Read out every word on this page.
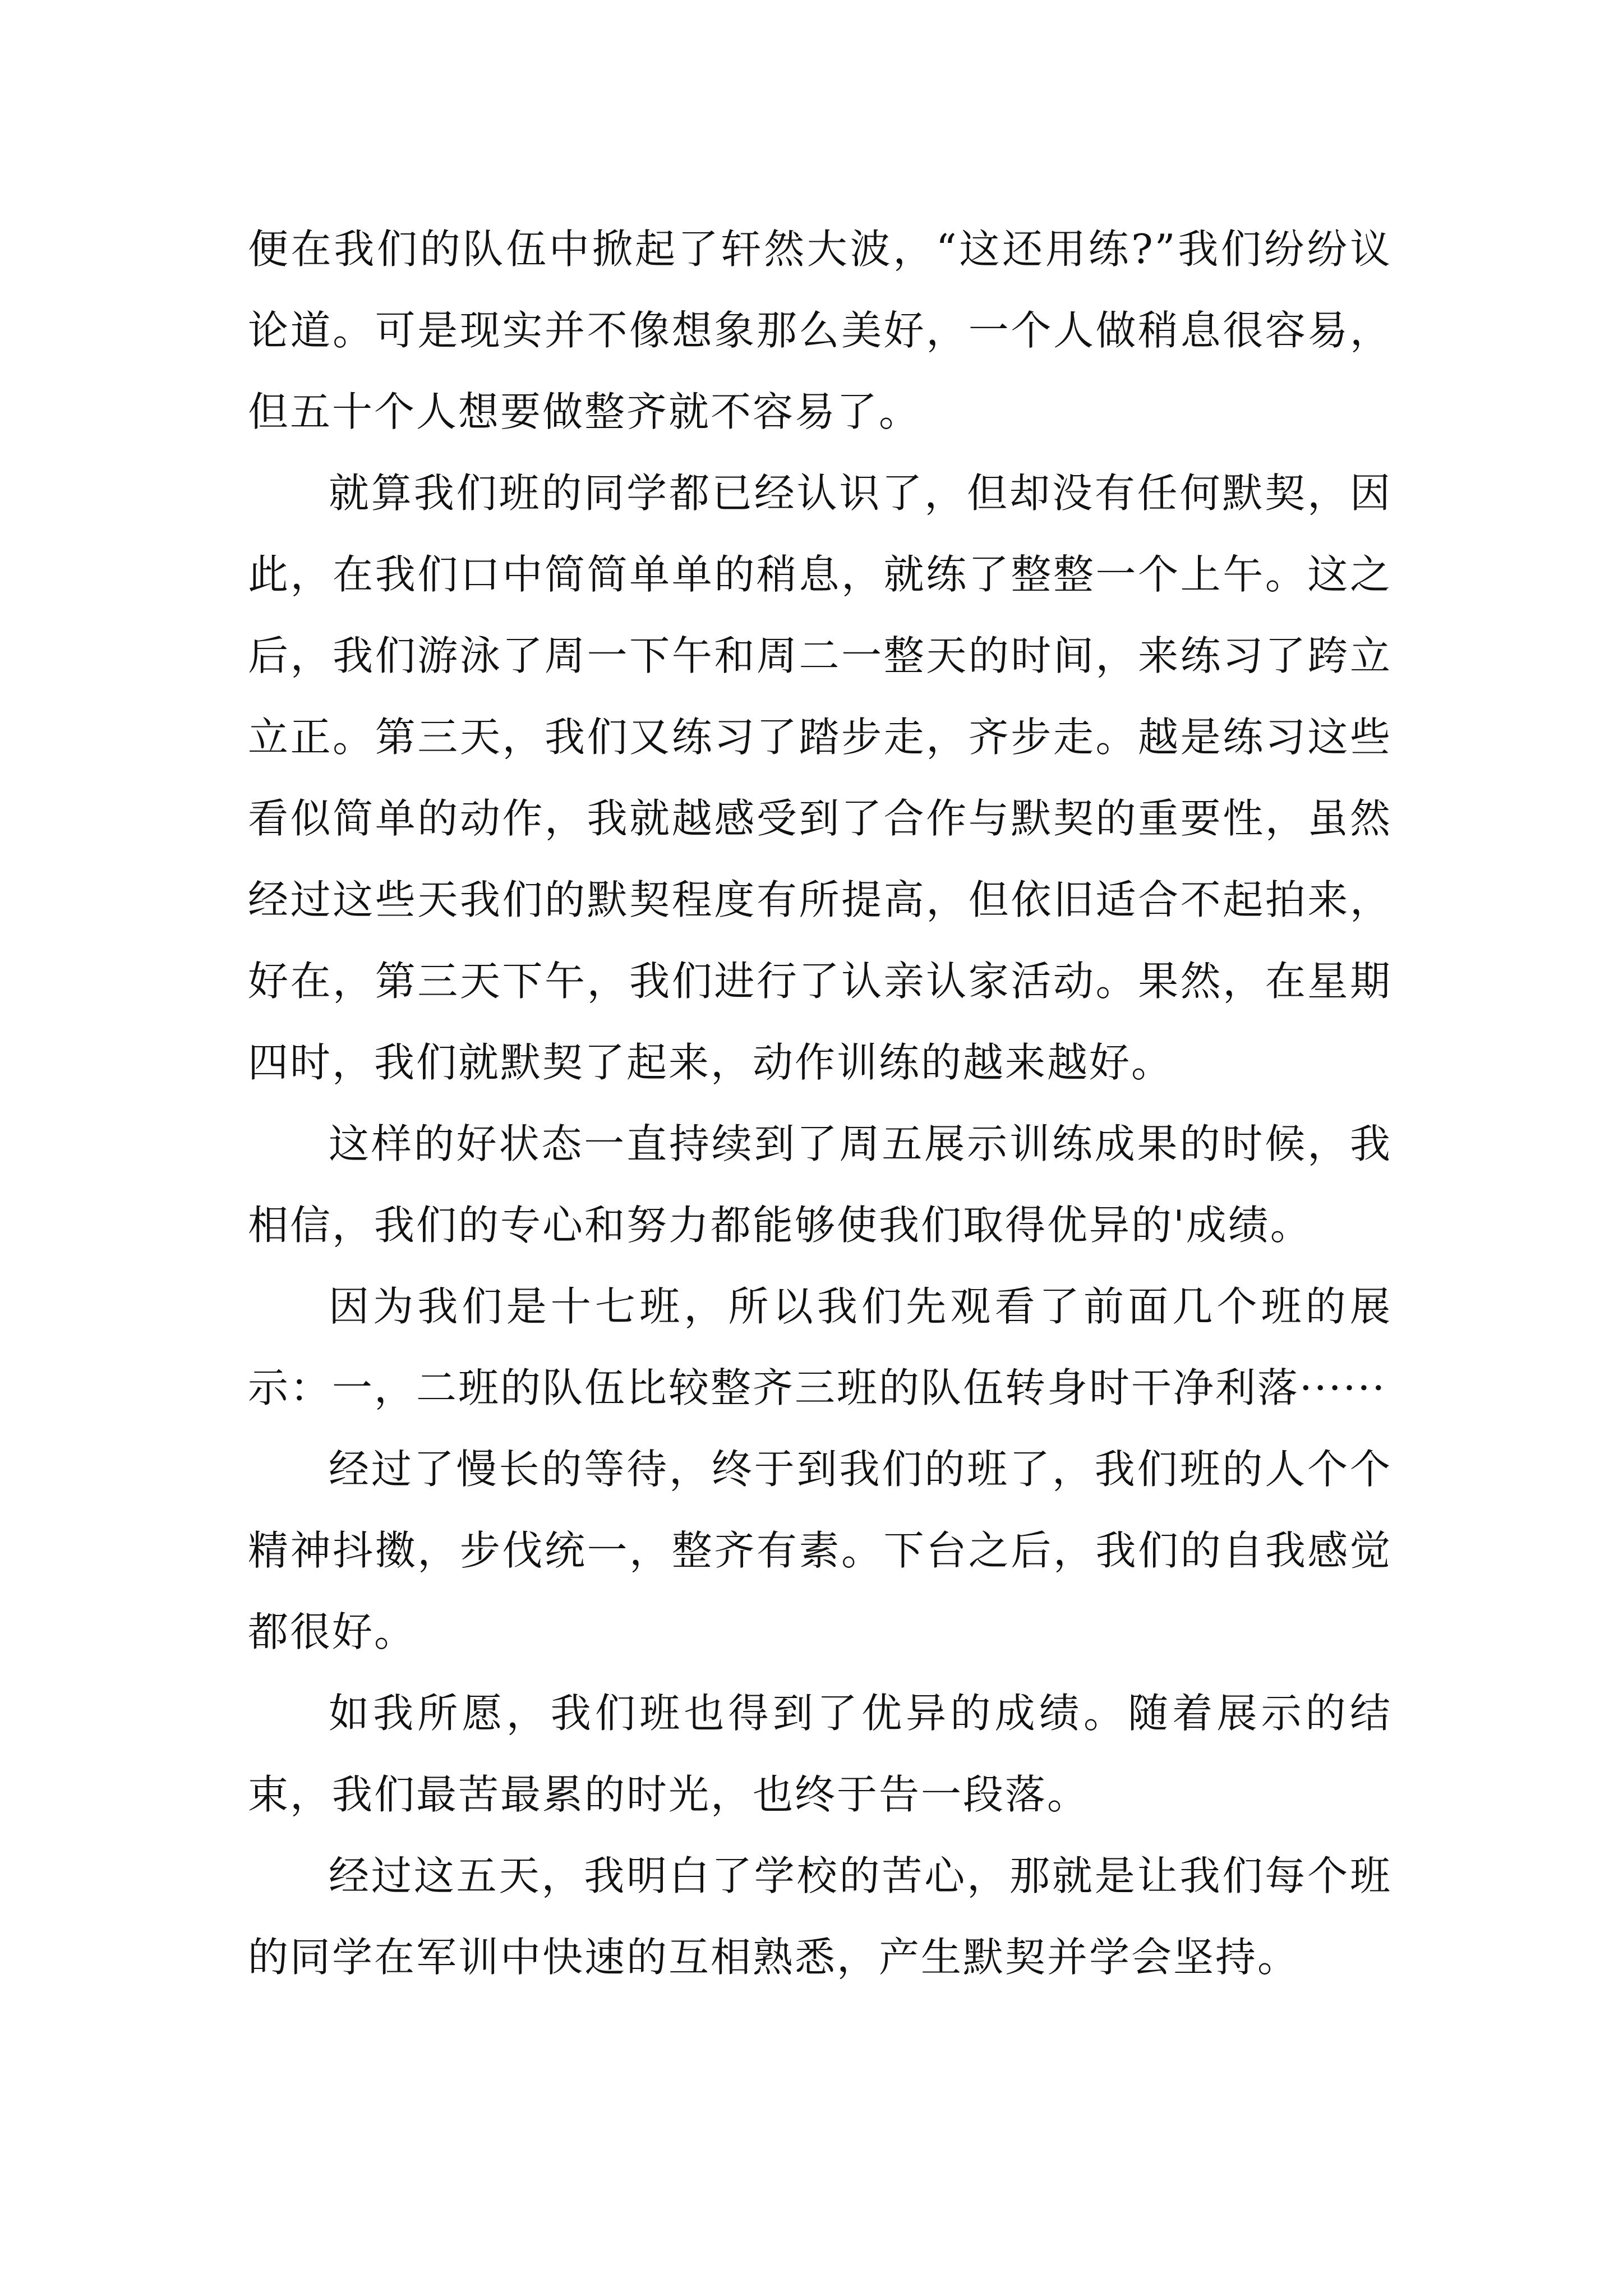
便在我们的队伍中掀起了轩然大波，“这还用练?”我们纷纷议论道。可是现实并不像想象那么美好，一个人做稍息很容易，但五十个人想要做整齐就不容易了。

就算我们班的同学都已经认识了，但却没有任何默契，因此，在我们口中简简单单的稍息，就练了整整一个上午。这之后，我们游泳了周一下午和周二一整天的时间，来练习了跨立立正。第三天，我们又练习了踏步走，齐步走。越是练习这些看似简单的动作，我就越感受到了合作与默契的重要性，虽然经过这些天我们的默契程度有所提高，但依旧适合不起拍来，好在，第三天下午，我们进行了认亲认家活动。果然，在星期四时，我们就默契了起来，动作训练的越来越好。

这样的好状态一直持续到了周五展示训练成果的时候，我相信，我们的专心和努力都能够使我们取得优异的'成绩。

因为我们是十七班，所以我们先观看了前面几个班的展示：一，二班的队伍比较整齐三班的队伍转身时干净利落······

经过了慢长的等待，终于到我们的班了，我们班的人个个精神抖擞，步伐统一，整齐有素。下台之后，我们的自我感觉都很好。

如我所愿，我们班也得到了优异的成绩。随着展示的结束，我们最苦最累的时光，也终于告一段落。

经过这五天，我明白了学校的苦心，那就是让我们每个班的同学在军训中快速的互相熟悉，产生默契并学会坚持。
